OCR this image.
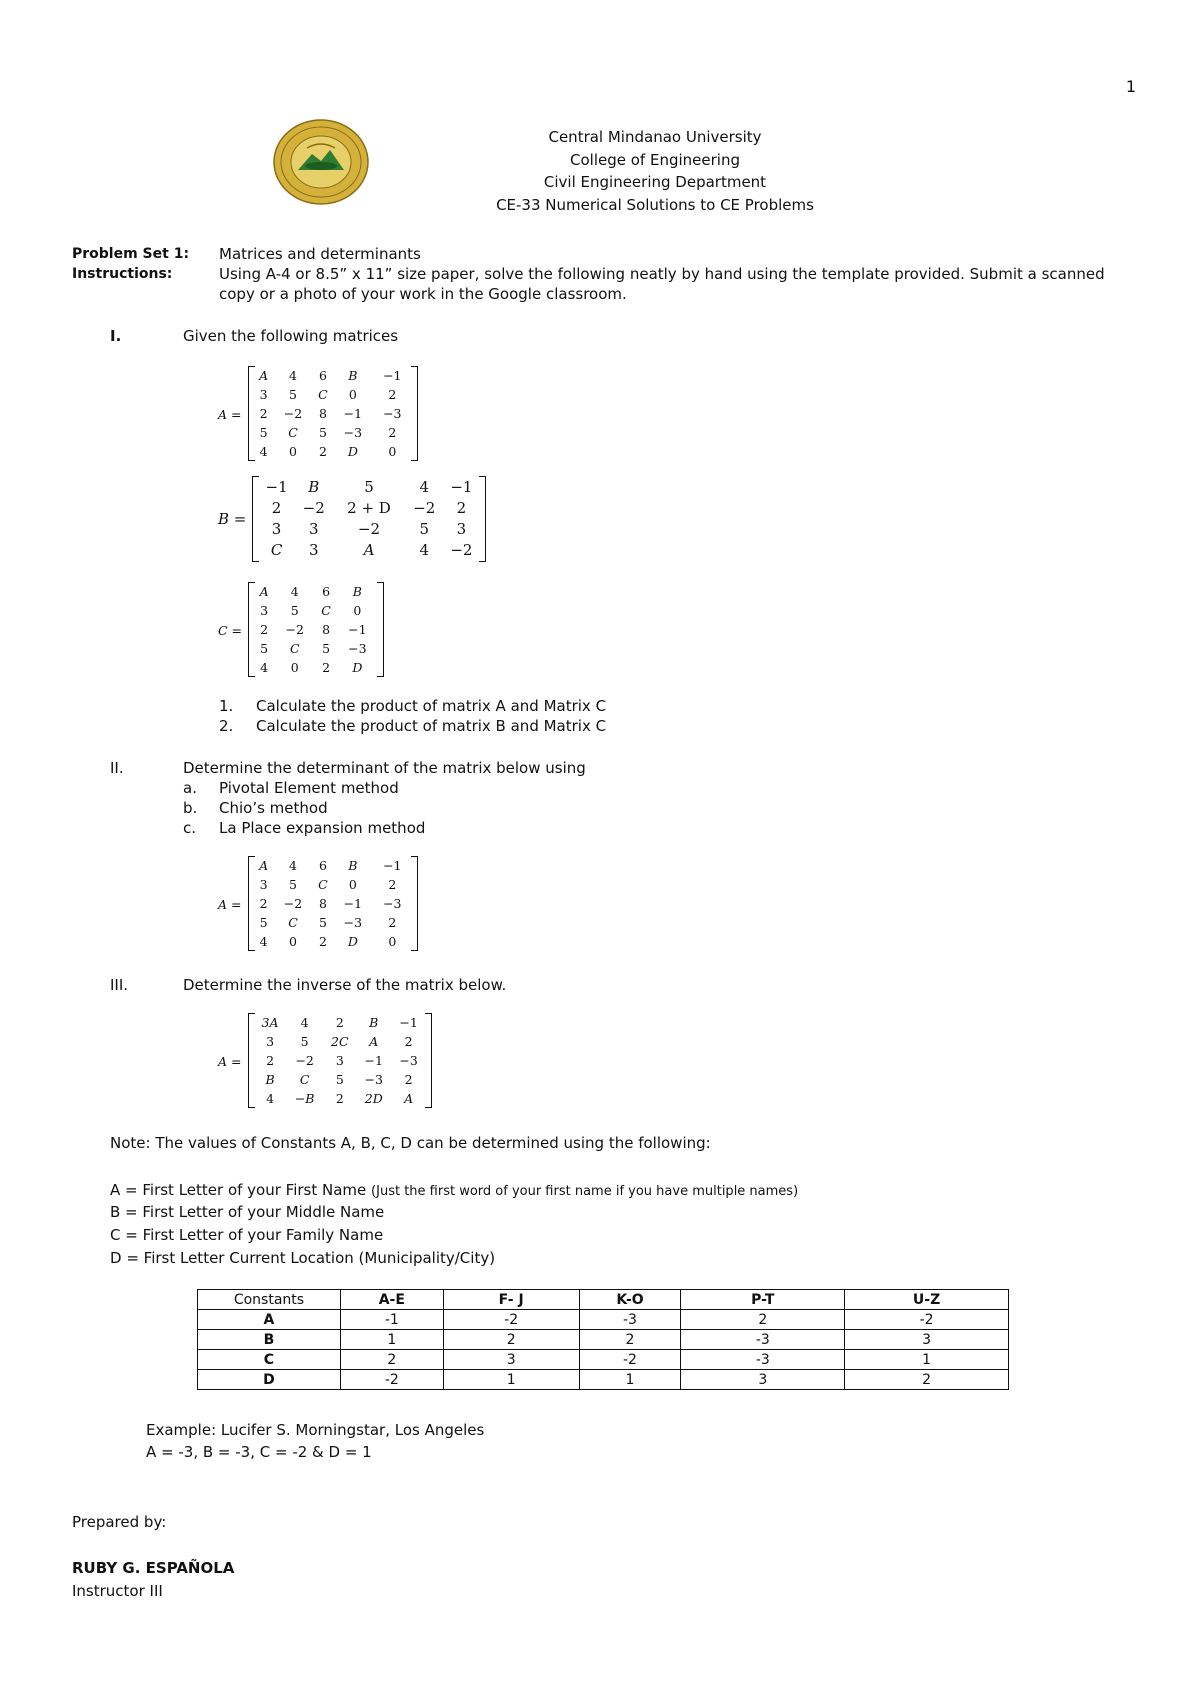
1
Central Mindanao University
College of Engineering
Civil Engineering Department
CE-33 Numerical Solutions to CE Problems
Problem Set 1: Matrices and determinants
Instructions:	Using A-4 or 8.5” x 11” size paper, solve the following neatly by hand using the template provided. Submit a scanned
copy or a photo of your work in the Google classroom.
I.	Given the following matrices
A =
A	4	6	B	−1
3	5	C	0	2
2	−2	8	−1	−3
5	C	5	−3	2
4	0	2	D	0
B =
−1	B	5	4	−1
2	−2	2 + D	−2	2
3	3	−2	5	3
C	3	A	4	−2
C =
A	4	6	B
3	5	C	0
2	−2	8	−1
5	C	5	−3
4	0	2	D
1. Calculate the product of matrix A and Matrix C
2. Calculate the product of matrix B and Matrix C
II.	Determine the determinant of the matrix below using
a. Pivotal Element method
b. Chio’s method
c. La Place expansion method
A =
A	4	6	B	−1
3	5	C	0	2
2	−2	8	−1	−3
5	C	5	−3	2
4	0	2	D	0
III.	Determine the inverse of the matrix below.
A =
3A	4	2	B	−1
3	5	2C	A	2
2	−2	3	−1	−3
B	C	5	−3	2
4	−B	2	2D	A
Note: The values of Constants A, B, C, D can be determined using the following:
A = First Letter of your First Name (Just the first word of your first name if you have multiple names)
B = First Letter of your Middle Name
C = First Letter of your Family Name
D = First Letter Current Location (Municipality/City)
Constants	A-E	F- J	K-O	P-T	U-Z
A	-1	-2	-3	2	-2
B	1	2	2	-3	3
C	2	3	-2	-3	1
D	-2	1	1	3	2
Example: Lucifer S. Morningstar, Los Angeles
A = -3, B = -3, C = -2 & D = 1
Prepared by:
RUBY G. ESPAÑOLA
Instructor III
